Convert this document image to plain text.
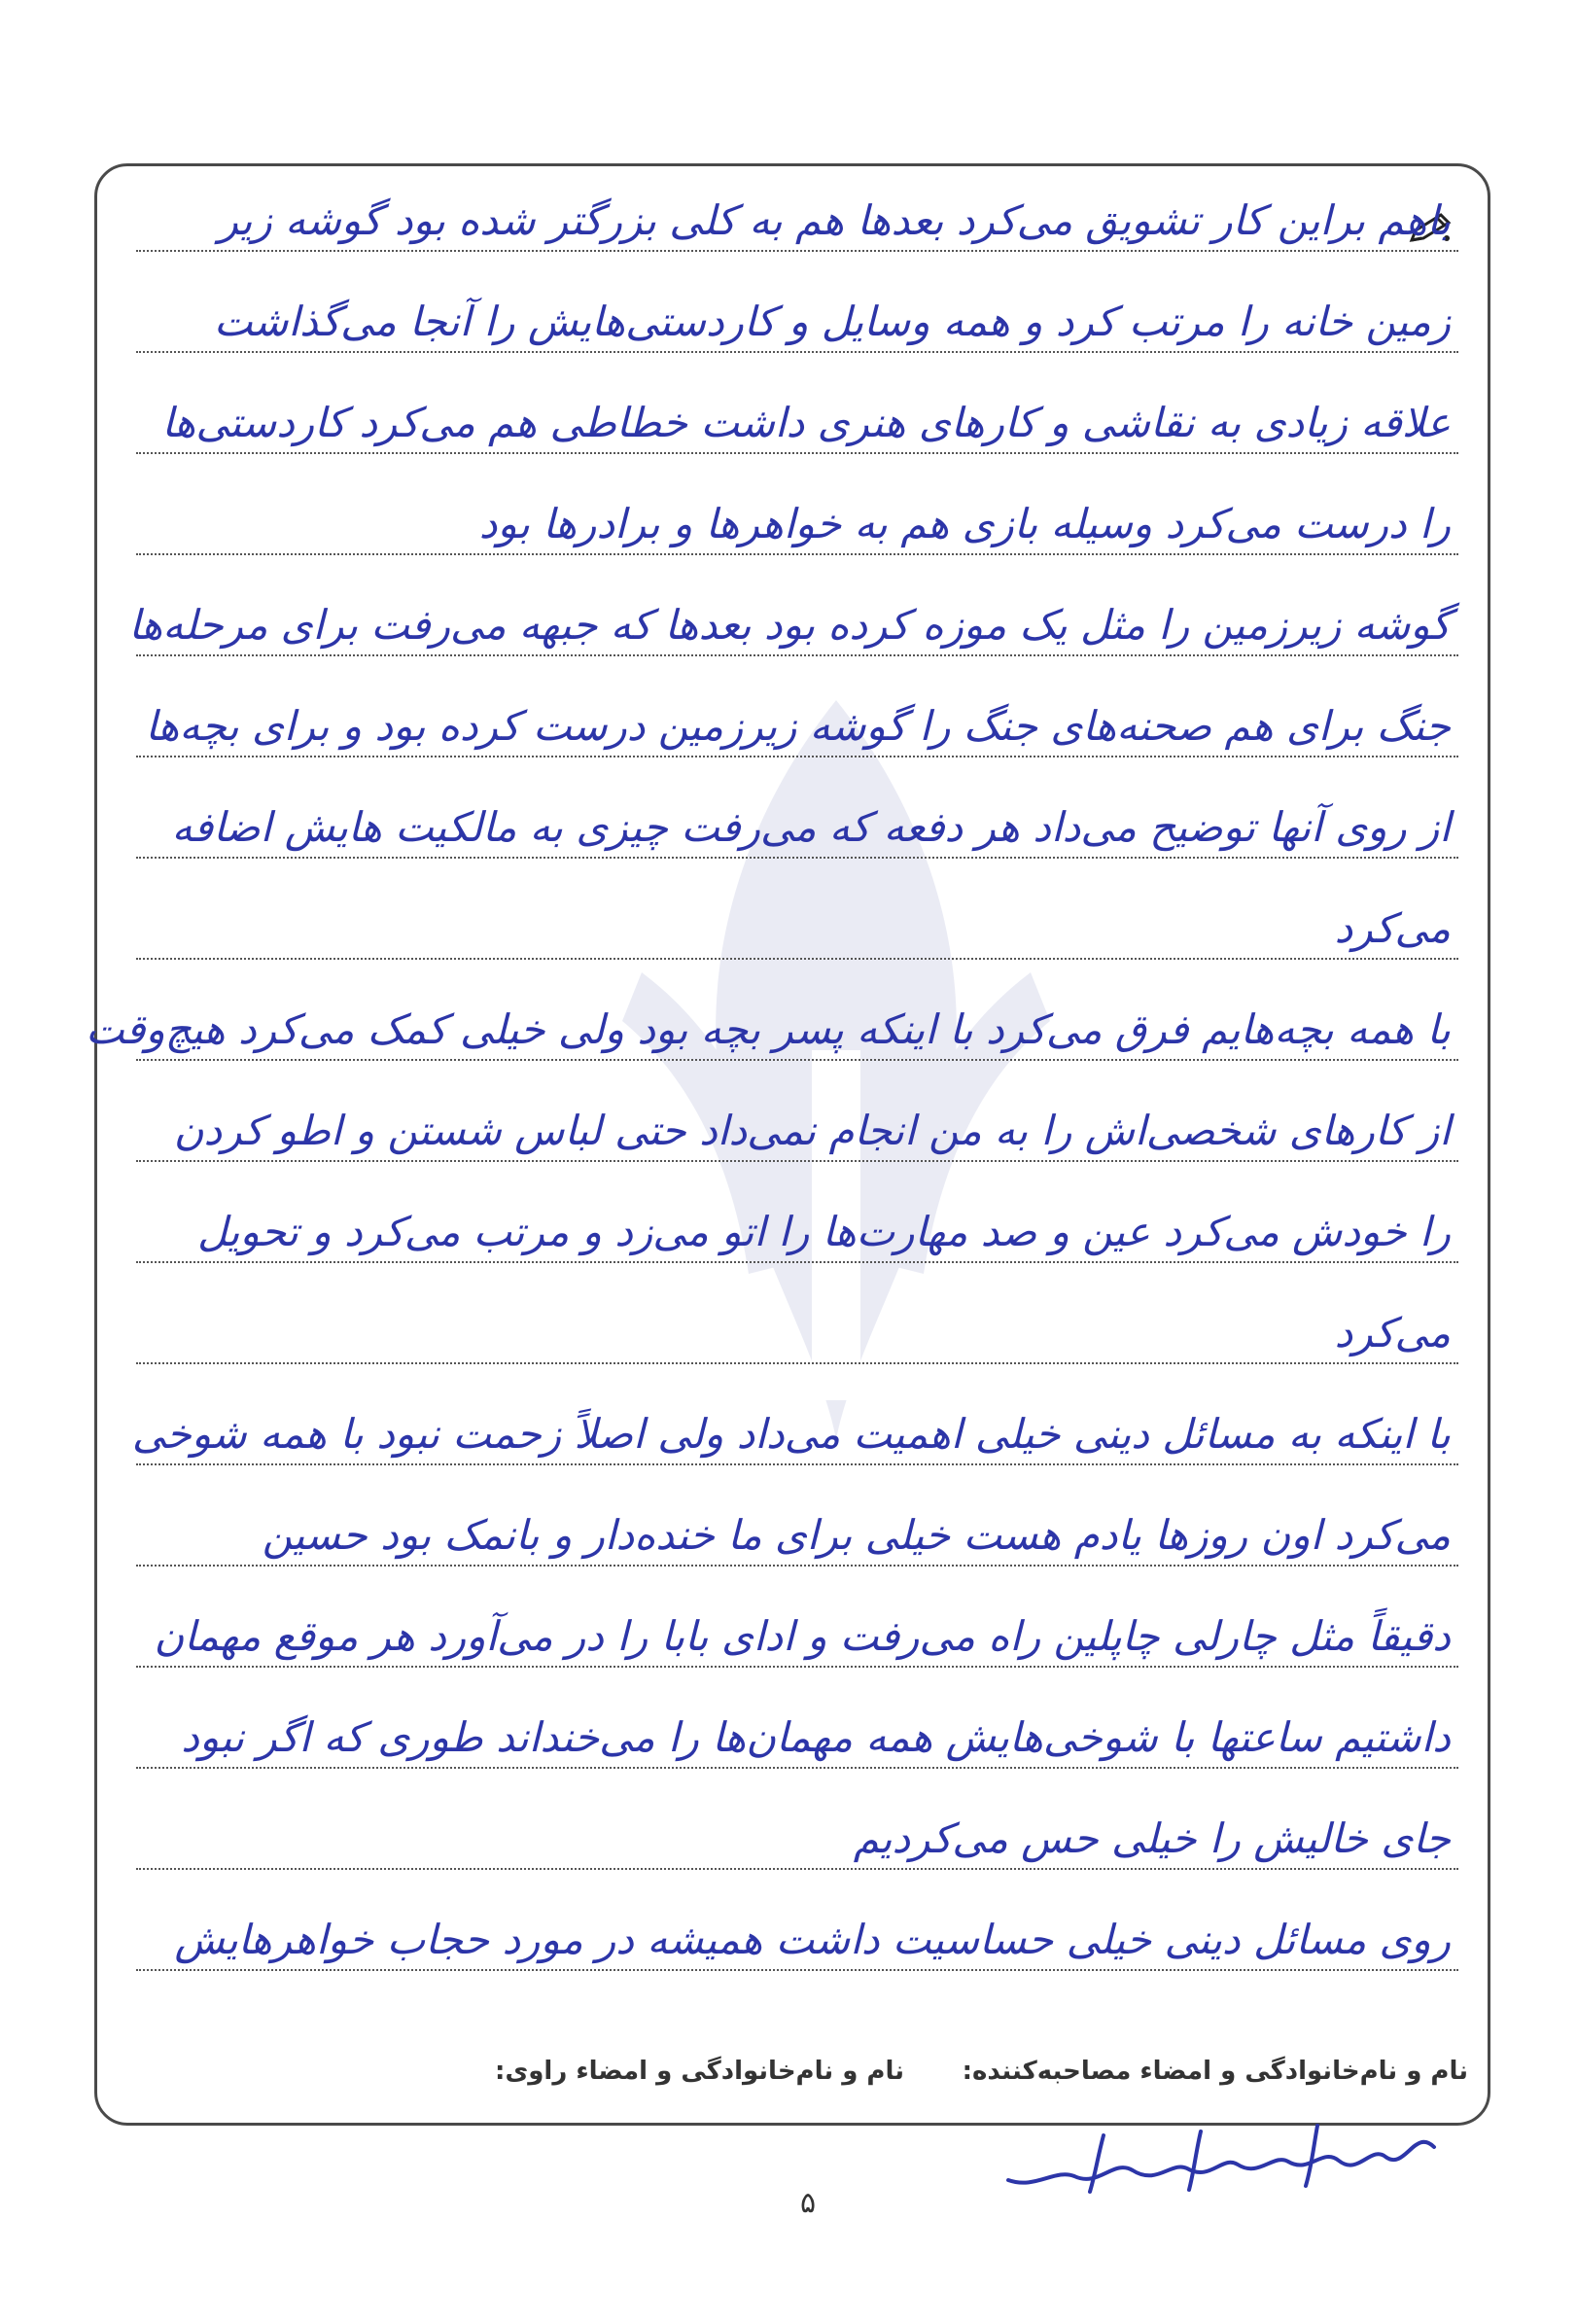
باهم براین کار تشویق می‌کرد بعدها هم به کلی بزرگتر شده بود گوشه زیر
زمین خانه را مرتب کرد و همه وسایل و کاردستی‌هایش را آنجا می‌گذاشت
علاقه زیادی به نقاشی و کارهای هنری داشت خطاطی هم می‌کرد کاردستی‌ها
را درست می‌کرد وسیله بازی هم به خواهرها و برادرها بود
گوشه زیرزمین را مثل یک موزه کرده بود بعدها که جبهه می‌رفت برای مرحله‌ها
جنگ برای هم صحنه‌های جنگ را گوشه زیرزمین درست کرده بود و برای بچه‌ها
از روی آنها توضیح می‌داد هر دفعه که می‌رفت چیزی به مالکیت هایش اضافه
می‌کرد
با همه بچه‌هایم فرق می‌کرد با اینکه پسر بچه بود ولی خیلی کمک می‌کرد هیچ‌وقت
از کارهای شخصی‌اش را به من انجام نمی‌داد حتی لباس شستن و اطو کردن
را خودش می‌کرد عین و صد مهارت‌ها را اتو می‌زد و مرتب می‌کرد و تحویل
می‌کرد
با اینکه به مسائل دینی خیلی اهمیت می‌داد ولی اصلاً زحمت نبود با همه شوخی
می‌کرد اون روزها یادم هست خیلی برای ما خنده‌دار و بانمک بود حسین
دقیقاً مثل چارلی چاپلین راه می‌رفت و ادای بابا را در می‌آورد هر موقع مهمان
داشتیم ساعتها با شوخی‌هایش همه مهمان‌ها را می‌خنداند طوری که اگر نبود
جای خالیش را خیلی حس می‌کردیم
روی مسائل دینی خیلی حساسیت داشت همیشه در مورد حجاب خواهرهایش
نام و نام‌خانوادگی و امضاء مصاحبه‌کننده:
نام و نام‌خانوادگی و امضاء راوی:
۵
